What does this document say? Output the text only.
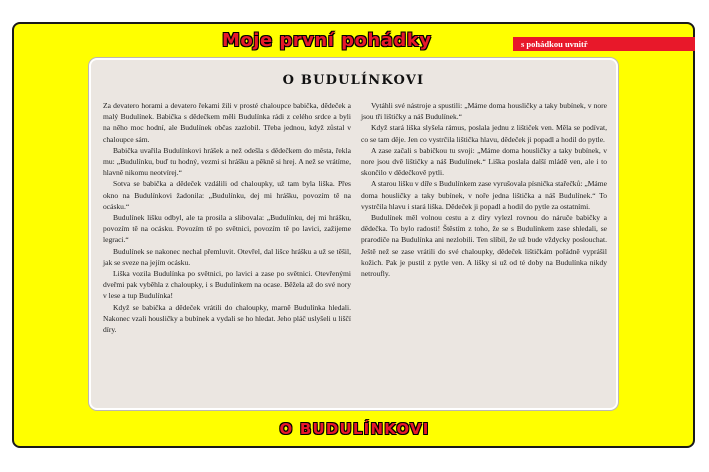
Moje první pohádky	s pohádkou uvnitř
O BUDULÍNKOVI

Za devatero horami a devatero řekami žili v prosté chaloupce babička, dědeček a malý Budulínek. Babička s dědečkem měli Budulínka rádi z celého srdce a byli na něho moc hodní, ale Budulínek občas zazlobil. Třeba jednou, když zůstal v chaloupce sám.

Babička uvařila Budulínkovi hrášek a než odešla s dědečkem do města, řekla mu: „Budulínku, buď tu hodný, vezmi si hrášku a pěkně si hrej. A než se vrátíme, hlavně nikomu neotvírej.“

Sotva se babička a dědeček vzdálili od chaloupky, už tam byla liška. Přes okno na Budulínkovi žadonila: „Budulínku, dej mi hrášku, povozím tě na ocásku.“

Budulínek lišku odbyl, ale ta prosila a slibovala: „Budulínku, dej mi hrášku, povozím tě na ocásku. Povozím tě po světnici, povozím tě po lavici, zažijeme legraci.“

Budulínek se nakonec nechal přemluvit. Otevřel, dal lišce hrášku a už se těšil, jak se sveze na jejím ocásku.

Liška vozila Budulínka po světnici, po lavici a zase po světnici. Otevřenými dveřmi pak vyběhla z chaloupky, i s Budulínkem na ocase. Běžela až do své nory v lese a tup Budulínka!

Když se babička a dědeček vrátili do chaloupky, marně Budulínka hledali. Nakonec vzali housličky a bubínek a vydali se ho hledat. Jeho pláč uslyšeli u liščí díry.

Vytáhli své nástroje a spustili: „Máme doma housličky a taky bubínek, v nore jsou tři lištičky a náš Budulínek.“

Když stará liška slyšela rámus, poslala jednu z lištiček ven. Měla se podívat, co se tam děje. Jen co vystrčila lištička hlavu, dědeček ji popadl a hodil do pytle.

A zase začali s babičkou tu svoji: „Máme doma housličky a taky bubínek, v nore jsou dvě lištičky a náš Budulínek.“ Liška poslala další mládě ven, ale i to skončilo v dědečkově pytli.

A starou lišku v díře s Budulínkem zase vyrušovala písnička stařečků: „Máme doma housličky a taky bubínek, v noře jedna lištička a náš Budulínek.“ To vystrčila hlavu i stará liška. Dědeček ji popadl a hodil do pytle za ostatními.

Budulínek měl volnou cestu a z díry vylezl rovnou do náruče babičky a dědečka. To bylo radosti! Štěstím z toho, že se s Budulínkem zase shledali, se prarodiče na Budulínka ani nezlobili. Ten slíbil, že už bude vždycky poslouchat. Ještě než se zase vrátili do své chaloupky, dědeček lištičkám pořádně vyprášil kožich. Pak je pustil z pytle ven. A lišky si už od té doby na Budulínka nikdy netroufly.

O BUDULÍNKOVI
